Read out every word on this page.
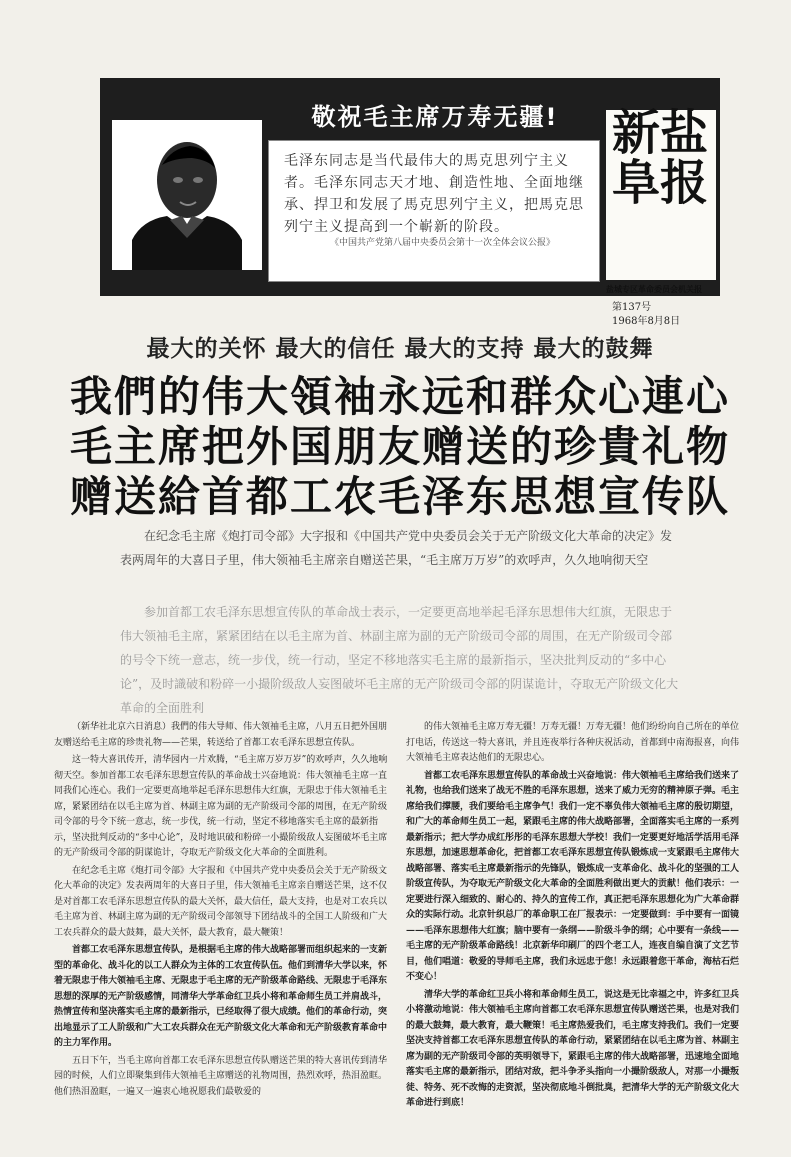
敬祝毛主席万寿无疆!
毛泽东同志是当代最伟大的馬克思列宁主义者。毛泽东同志天才地、創造性地、全面地继承、捍卫和发展了馬克思列宁主义，把馬克思列宁主义提高到一个嶄新的阶段。
《中国共产党第八届中央委员会第十一次全体会议公报》
新盐阜报
盐城专区革命委员会机关报
第137号
1968年8月8日
最大的关怀 最大的信任 最大的支持 最大的鼓舞
我們的伟大領袖永远和群众心連心
毛主席把外国朋友赠送的珍貴礼物
赠送給首都工农毛泽东思想宣传队
在纪念毛主席《炮打司令部》大字报和《中国共产党中央委员会关于无产阶级文化大革命的决定》发表两周年的大喜日子里，伟大领袖毛主席亲自赠送芒果，“毛主席万万岁”的欢呼声，久久地响彻天空
参加首都工农毛泽东思想宣传队的革命战士表示，一定要更高地举起毛泽东思想伟大红旗，无限忠于伟大领袖毛主席，紧紧团结在以毛主席为首、林副主席为副的无产阶级司令部的周围，在无产阶级司令部的号令下统一意志，统一步伐，统一行动，坚定不移地落实毛主席的最新指示，坚决批判反动的“多中心论”，及时識破和粉碎一小撮阶级敌人妄图破坏毛主席的无产阶级司令部的阴谋诡计，夺取无产阶级文化大革命的全面胜利

（新华社北京六日消息）我們的伟大导师、伟大领袖毛主席，八月五日把外国朋友赠送给毛主席的珍贵礼物——芒果，转送给了首都工农毛泽东思想宣传队。

这一特大喜讯传开，清华园内一片欢腾，“毛主席万岁万岁”的欢呼声，久久地响彻天空。参加首都工农毛泽东思想宣传队的革命战士兴奋地说：伟大领袖毛主席一直同我们心连心。我们一定要更高地举起毛泽东思想伟大红旗，无限忠于伟大领袖毛主席，紧紧团结在以毛主席为首、林副主席为副的无产阶级司令部的周围，在无产阶级司令部的号令下统一意志，统一步伐，统一行动，坚定不移地落实毛主席的最新指示，坚决批判反动的“多中心论”，及时地识破和粉碎一小撮阶级敌人妄图破坏毛主席的无产阶级司令部的阴谋诡计，夺取无产阶级文化大革命的全面胜利。

在纪念毛主席《炮打司令部》大字报和《中国共产党中央委员会关于无产阶级文化大革命的决定》发表两周年的大喜日子里，伟大领袖毛主席亲自赠送芒果，这不仅是对首都工农毛泽东思想宣传队的最大关怀，最大信任，最大支持，也是对工农兵以毛主席为首、林副主席为副的无产阶级司令部领导下团结战斗的全国工人阶级和广大工农兵群众的最大鼓舞，最大关怀，最大教育，最大鞭策！

首都工农毛泽东思想宣传队，是根据毛主席的伟大战略部署而组织起来的一支新型的革命化、战斗化的以工人群众为主体的工农宣传队伍。他们到清华大学以来，怀着无限忠于伟大领袖毛主席、无限忠于毛主席的无产阶级革命路线、无限忠于毛泽东思想的深厚的无产阶级感情，同清华大学革命红卫兵小将和革命师生员工并肩战斗，热情宣传和坚决落实毛主席的最新指示，已经取得了很大成绩。他们的革命行动，突出地显示了工人阶级和广大工农兵群众在无产阶级文化大革命和无产阶级教育革命中的主力军作用。

五日下午，当毛主席向首都工农毛泽东思想宣传队赠送芒果的特大喜讯传到清华园的时候，人们立即聚集到伟大领袖毛主席赠送的礼物周围，热烈欢呼，热泪盈眶。他们热泪盈眶，一遍又一遍衷心地祝愿我们最敬爱的

的伟大领袖毛主席万寿无疆！万寿无疆！万寿无疆！他们纷纷向自己所在的单位打电话，传送这一特大喜讯，并且连夜举行各种庆祝活动，首都到中南海报喜，向伟大领袖毛主席表达他们的无限忠心。

首都工农毛泽东思想宣传队的革命战士兴奋地说：伟大领袖毛主席给我们送来了礼物，也给我们送来了战无不胜的毛泽东思想，送来了威力无穷的精神原子弹。毛主席给我们撑腰，我们要给毛主席争气！我们一定不辜负伟大领袖毛主席的殷切期望，和广大的革命师生员工一起，紧跟毛主席的伟大战略部署，全面落实毛主席的一系列最新指示；把大学办成红彤彤的毛泽东思想大学校！我们一定要更好地活学活用毛泽东思想，加速思想革命化，把首都工农毛泽东思想宣传队锻炼成一支紧跟毛主席伟大战略部署、落实毛主席最新指示的先锋队，锻炼成一支革命化、战斗化的坚强的工人阶级宣传队，为夺取无产阶级文化大革命的全面胜利做出更大的贡献！他们表示：一定要进行深入细致的、耐心的、持久的宣传工作，真正把毛泽东思想化为广大革命群众的实际行动。北京针织总厂的革命职工在厂报表示：一定要做到：手中要有一面镜——毛泽东思想伟大红旗；脑中要有一条纲——阶级斗争的纲；心中要有一条线——毛主席的无产阶级革命路线！北京新华印刷厂的四个老工人，连夜自编自演了文艺节目，他们唱道：敬爱的导师毛主席，我们永远忠于您！永远跟着您干革命，海枯石烂不变心！

清华大学的革命红卫兵小将和革命师生员工，说这是无比幸福之中，许多红卫兵小将激动地说：伟大领袖毛主席向首都工农毛泽东思想宣传队赠送芒果，也是对我们的最大鼓舞，最大教育，最大鞭策！毛主席热爱我们，毛主席支持我们。我们一定要坚决支持首都工农毛泽东思想宣传队的革命行动，紧紧团结在以毛主席为首、林副主席为副的无产阶级司令部的英明领导下，紧跟毛主席的伟大战略部署，迅速地全面地落实毛主席的最新指示，团结对敌，把斗争矛头指向一小撮阶级敌人，对那一小撮叛徒、特务、死不改悔的走资派，坚决彻底地斗倒批臭，把清华大学的无产阶级文化大革命进行到底！
